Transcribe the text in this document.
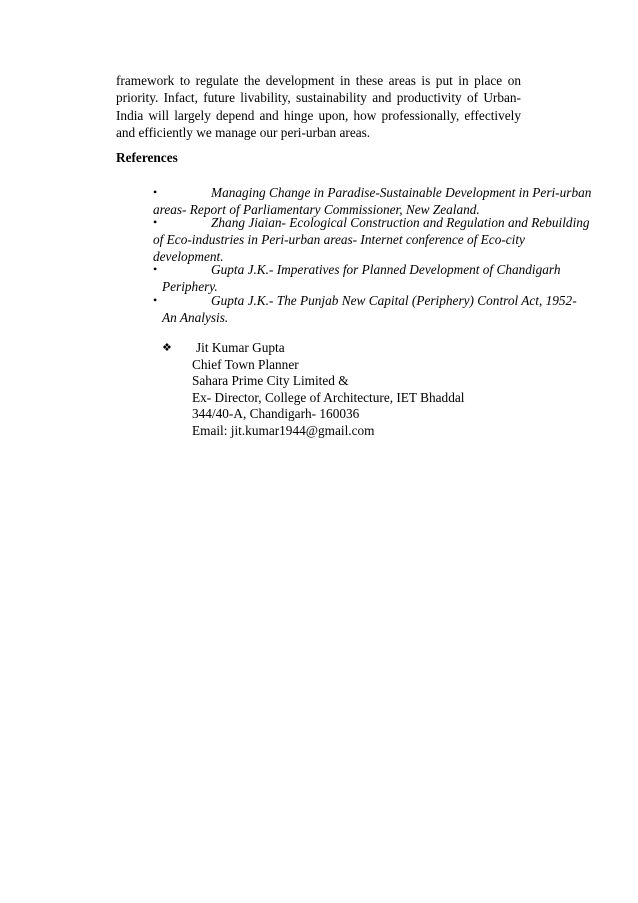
framework to regulate the development in these areas is put in place on priority. Infact, future livability, sustainability and productivity of Urban- India will largely depend and hinge upon, how professionally, effectively and efficiently we manage our peri-urban areas.

References

•	Managing Change in Paradise-Sustainable Development in Peri-urban
areas- Report of Parliamentary Commissioner, New Zealand.
•	Zhang Jiaian- Ecological Construction and Regulation and Rebuilding
of Eco-industries in Peri-urban areas- Internet conference of Eco-city
development.
•	Gupta J.K.- Imperatives for Planned Development of Chandigarh
Periphery.
•	Gupta J.K.- The Punjab New Capital (Periphery) Control Act, 1952-
An Analysis.
❖ Jit Kumar Gupta
Chief Town Planner
Sahara Prime City Limited &
Ex- Director, College of Architecture, IET Bhaddal
344/40-A, Chandigarh- 160036
Email: jit.kumar1944@gmail.com
